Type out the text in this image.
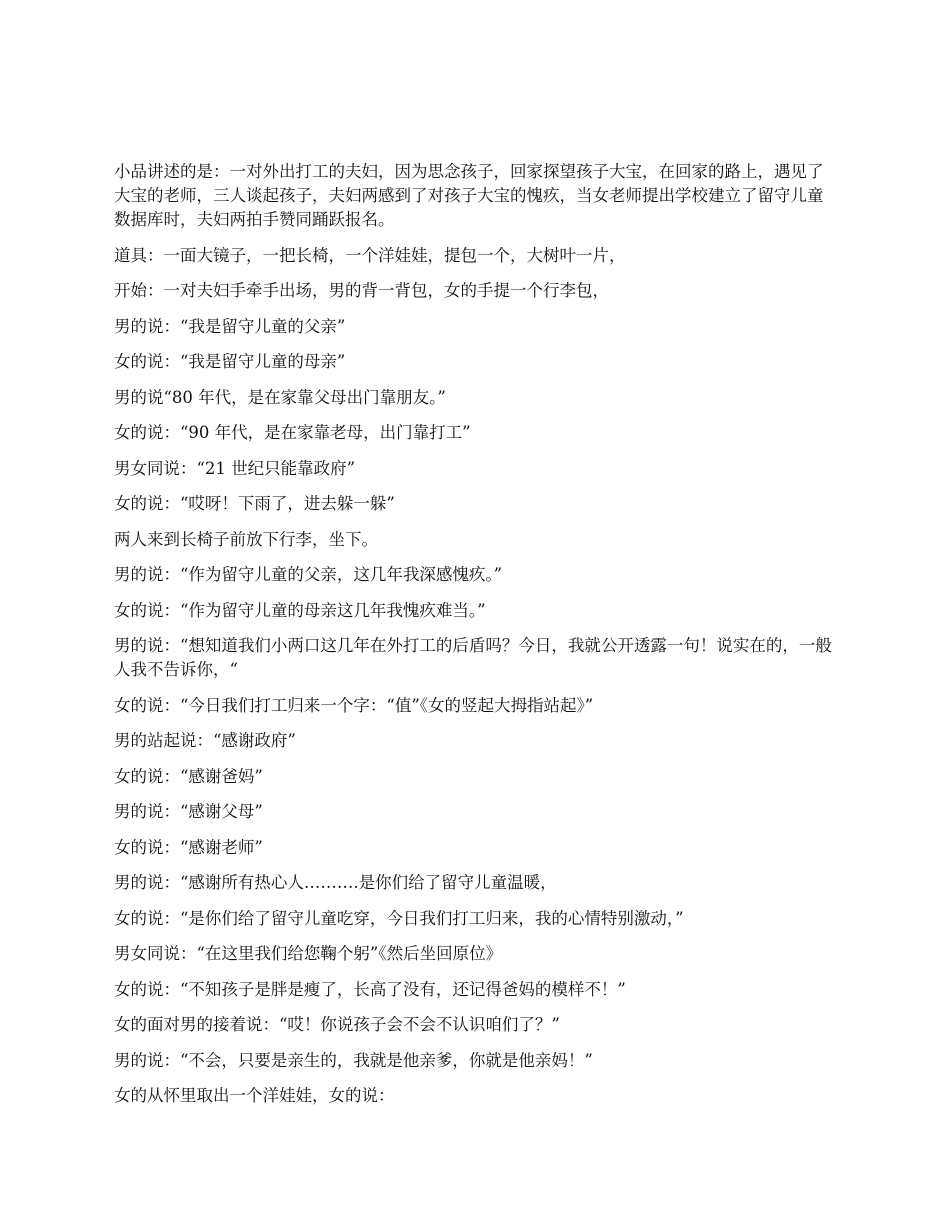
小品讲述的是：一对外出打工的夫妇，因为思念孩子，回家探望孩子大宝，在回家的路上，遇见了大宝的老师，三人谈起孩子，夫妇两感到了对孩子大宝的愧疚，当女老师提出学校建立了留守儿童数据库时，夫妇两拍手赞同踊跃报名。

道具：一面大镜子，一把长椅，一个洋娃娃，提包一个，大树叶一片，

开始：一对夫妇手牵手出场，男的背一背包，女的手提一个行李包，

男的说：“我是留守儿童的父亲”

女的说：“我是留守儿童的母亲”

男的说“80 年代，是在家靠父母出门靠朋友。”

女的说：“90 年代，是在家靠老母，出门靠打工”

男女同说：“21 世纪只能靠政府”

女的说：“哎呀！下雨了，进去躲一躲”

两人来到长椅子前放下行李，坐下。

男的说：“作为留守儿童的父亲，这几年我深感愧疚。”

女的说：“作为留守儿童的母亲这几年我愧疚难当。”

男的说：“想知道我们小两口这几年在外打工的后盾吗？今日，我就公开透露一句！说实在的，一般人我不告诉你，“

女的说：“今日我们打工归来一个字：“值”《女的竖起大拇指站起》”

男的站起说：“感谢政府”

女的说：“感谢爸妈”

男的说：“感谢父母”

女的说：“感谢老师”

男的说：“感谢所有热心人……….是你们给了留守儿童温暖，

女的说：“是你们给了留守儿童吃穿，今日我们打工归来，我的心情特别激动，”

男女同说：“在这里我们给您鞠个躬”《然后坐回原位》

女的说：“不知孩子是胖是瘦了，长高了没有，还记得爸妈的模样不！”

女的面对男的接着说：“哎！你说孩子会不会不认识咱们了？”

男的说：“不会，只要是亲生的，我就是他亲爹，你就是他亲妈！”

女的从怀里取出一个洋娃娃，女的说：
